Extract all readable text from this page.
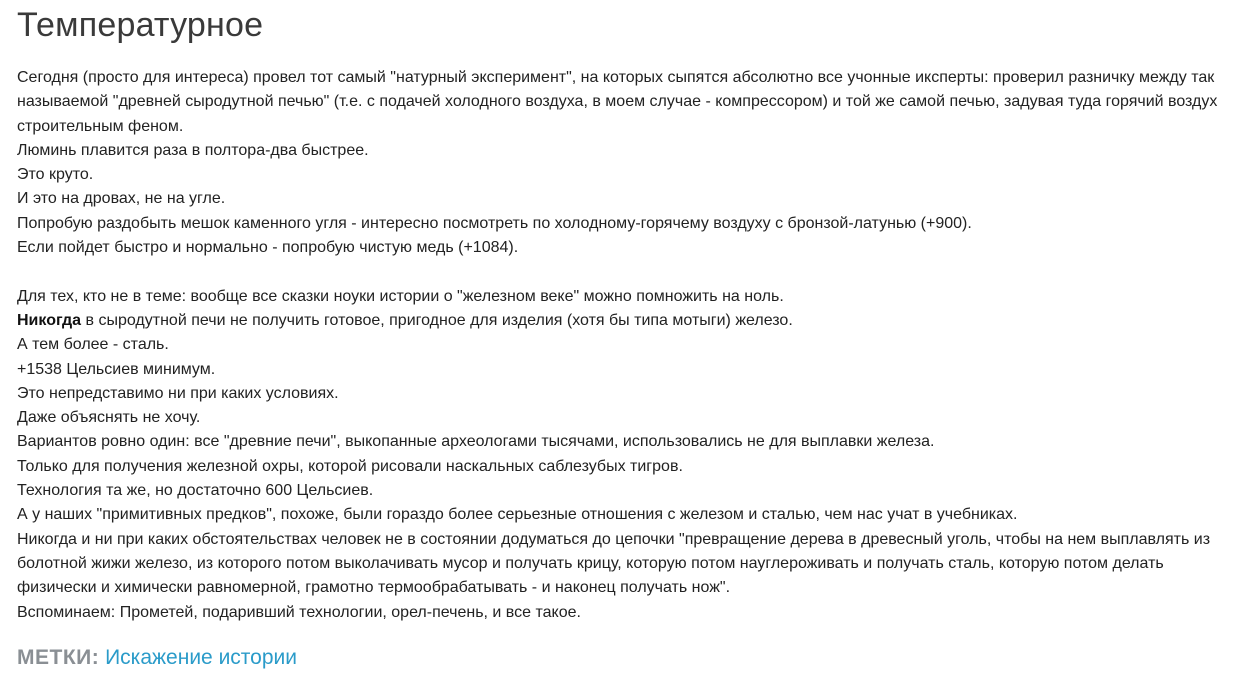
Температурное

Сегодня (просто для интереса) провел тот самый "натурный эксперимент", на которых сыпятся абсолютно все учонные иксперты: проверил разничку между так называемой "древней сыродутной печью" (т.е. с подачей холодного воздуха, в моем случае - компрессором) и той же самой печью, задувая туда горячий воздух строительным феном.

Люминь плавится раза в полтора-два быстрее.

Это круто.

И это на дровах, не на угле.

Попробую раздобыть мешок каменного угля - интересно посмотреть по холодному-горячему воздуху с бронзой-латунью (+900).

Если пойдет быстро и нормально - попробую чистую медь (+1084).

Для тех, кто не в теме: вообще все сказки ноуки истории о "железном веке" можно помножить на ноль.

Никогда в сыродутной печи не получить готовое, пригодное для изделия (хотя бы типа мотыги) железо.

А тем более - сталь.

+1538 Цельсиев минимум.

Это непредставимо ни при каких условиях.

Даже объяснять не хочу.

Вариантов ровно один: все "древние печи", выкопанные археологами тысячами, использовались не для выплавки железа.

Только для получения железной охры, которой рисовали наскальных саблезубых тигров.

Технология та же, но достаточно 600 Цельсиев.

А у наших "примитивных предков", похоже, были гораздо более серьезные отношения с железом и сталью, чем нас учат в учебниках.

Никогда и ни при каких обстоятельствах человек не в состоянии додуматься до цепочки "превращение дерева в древесный уголь, чтобы на нем выплавлять из болотной жижи железо, из которого потом выколачивать мусор и получать крицу, которую потом науглероживать и получать сталь, которую потом делать физически и химически равномерной, грамотно термообрабатывать - и наконец получать нож".

Вспоминаем: Прометей, подаривший технологии, орел-печень, и все такое.

МЕТКИ: Искажение истории
